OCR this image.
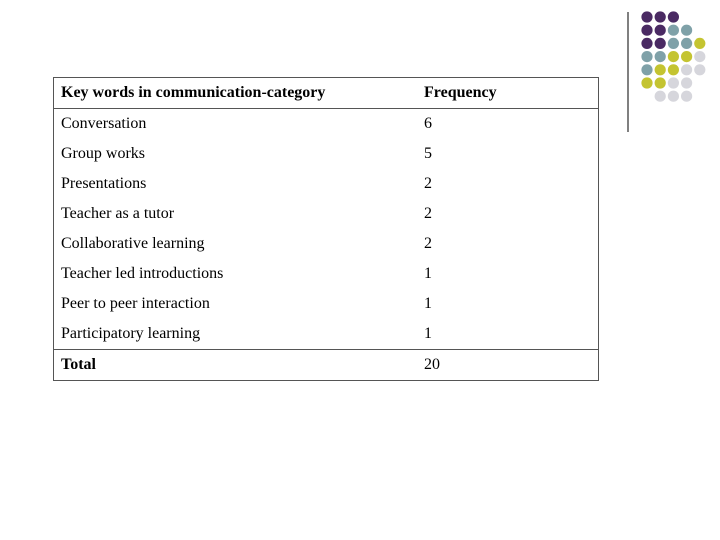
Key words in communication-category	Frequency
Conversation	6
Group works	5
Presentations	2
Teacher as a tutor	2
Collaborative learning	2
Teacher led introductions	1
Peer to peer interaction	1
Participatory learning	1
Total	20
